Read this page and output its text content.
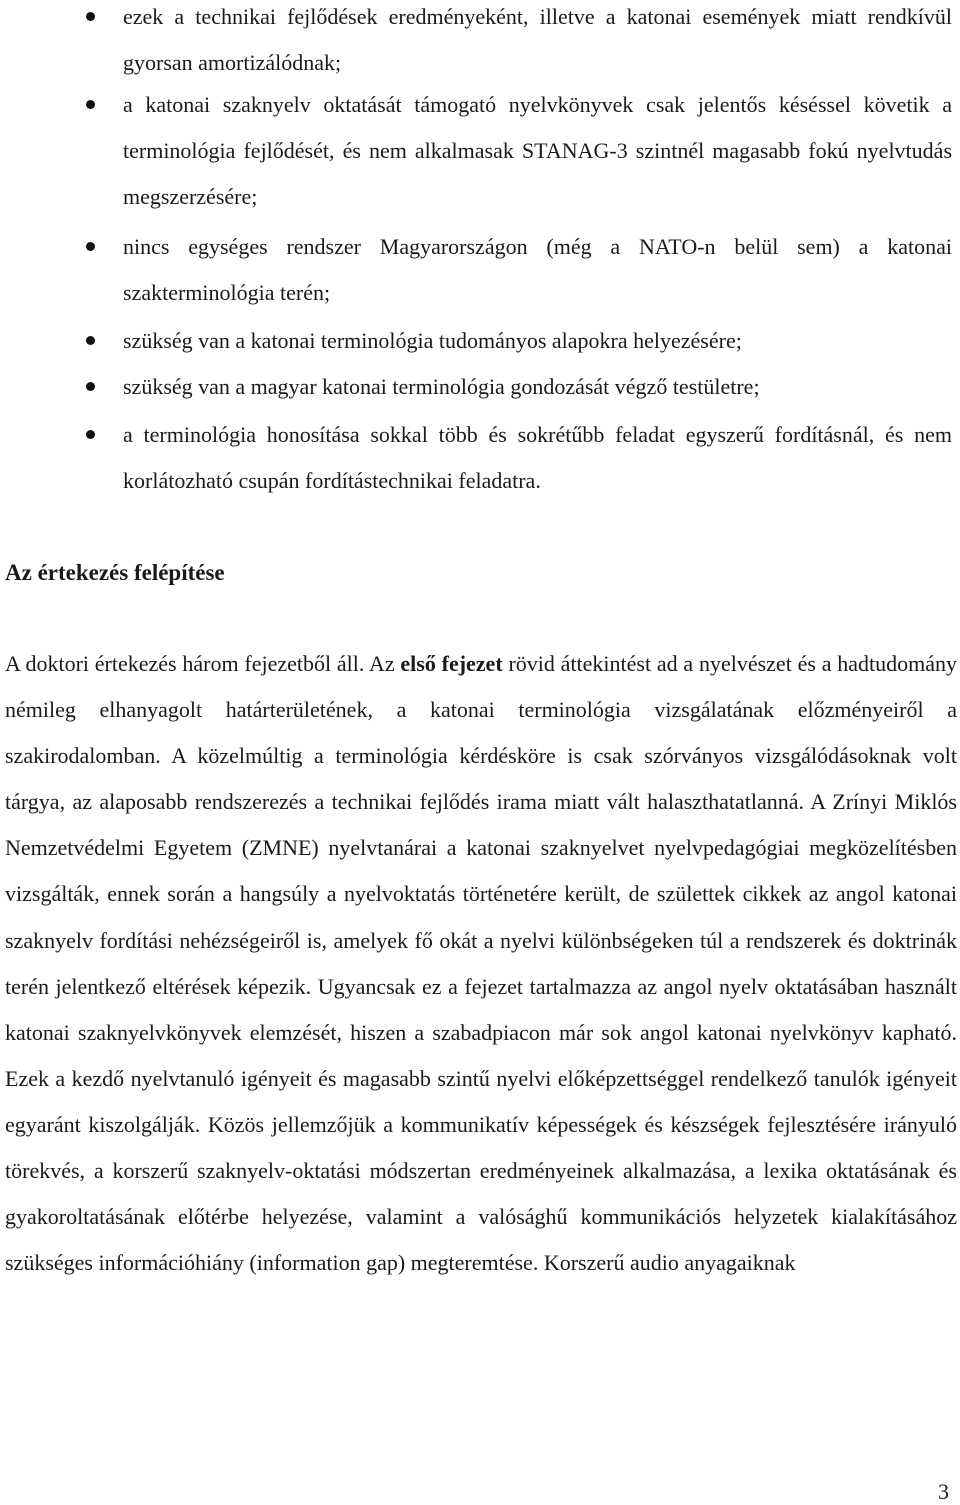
ezek a technikai fejlődések eredményeként, illetve a katonai események miatt rendkívül gyorsan amortizálódnak;
a katonai szaknyelv oktatását támogató nyelvkönyvek csak jelentős késéssel követik a terminológia fejlődését, és nem alkalmasak STANAG-3 szintnél magasabb fokú nyelvtudás megszerzésére;
nincs egységes rendszer Magyarországon (még a NATO-n belül sem) a katonai szakterminológia terén;
szükség van a katonai terminológia tudományos alapokra helyezésére;
szükség van a magyar katonai terminológia gondozását végző testületre;
a terminológia honosítása sokkal több és sokrétűbb feladat egyszerű fordításnál, és nem korlátozható csupán fordítástechnikai feladatra.
Az értekezés felépítése

A doktori értekezés három fejezetből áll. Az első fejezet rövid áttekintést ad a nyelvészet és a hadtudomány némileg elhanyagolt határterületének, a katonai terminológia vizsgálatának előzményeiről a szakirodalomban. A közelmúltig a terminológia kérdésköre is csak szórványos vizsgálódásoknak volt tárgya, az alaposabb rendszerezés a technikai fejlődés irama miatt vált halaszthatatlanná. A Zrínyi Miklós Nemzetvédelmi Egyetem (ZMNE) nyelvtanárai a katonai szaknyelvet nyelvpedagógiai megközelítésben vizsgálták, ennek során a hangsúly a nyelvoktatás történetére került, de születtek cikkek az angol katonai szaknyelv fordítási nehézségeiről is, amelyek fő okát a nyelvi különbségeken túl a rendszerek és doktrinák terén jelentkező eltérések képezik. Ugyancsak ez a fejezet tartalmazza az angol nyelv oktatásában használt katonai szaknyelvkönyvek elemzését, hiszen a szabadpiacon már sok angol katonai nyelvkönyv kapható. Ezek a kezdő nyelvtanuló igényeit és magasabb szintű nyelvi előképzettséggel rendelkező tanulók igényeit egyaránt kiszolgálják. Közös jellemzőjük a kommunikatív képességek és készségek fejlesztésére irányuló törekvés, a korszerű szaknyelv-oktatási módszertan eredményeinek alkalmazása, a lexika oktatásának és gyakoroltatásának előtérbe helyezése, valamint a valósághű kommunikációs helyzetek kialakításához szükséges információhiány (information gap) megteremtése. Korszerű audio anyagaiknak

3
